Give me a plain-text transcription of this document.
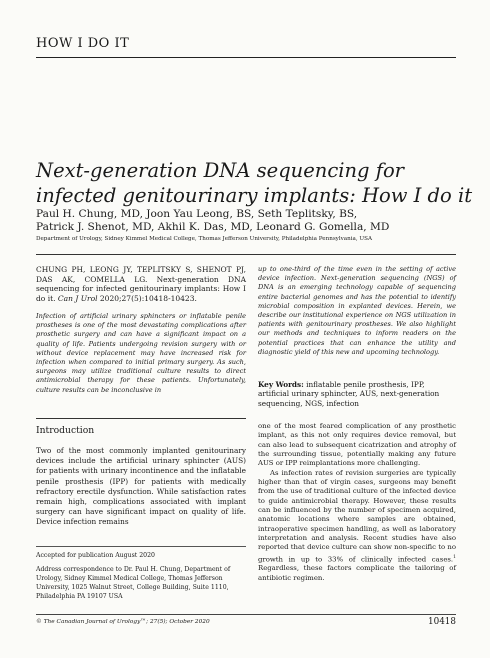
HOW I DO IT
Next-generation DNA sequencing for infected genitourinary implants: How I do it
Paul H. Chung, MD, Joon Yau Leong, BS, Seth Teplitsky, BS,
Patrick J. Shenot, MD, Akhil K. Das, MD, Leonard G. Gomella, MD
Department of Urology, Sidney Kimmel Medical College, Thomas Jefferson University, Philadelphia Pennsylvania, USA
CHUNG PH, LEONG JY, TEPLITSKY S, SHENOT PJ, DAS AK, COMELLA LG. Next-generation DNA sequencing for infected genitourinary implants: How I do it. Can J Urol 2020;27(5):10418-10423.
Infection of artificial urinary sphincters or inflatable penile prostheses is one of the most devastating complications after prosthetic surgery and can have a significant impact on a quality of life. Patients undergoing revision surgery with or without device replacement may have increased risk for infection when compared to initial primary surgery. As such, surgeons may utilize traditional culture results to direct antimicrobial therapy for these patients. Unfortunately, culture results can be inconclusive in
up to one-third of the time even in the setting of active device infection. Next-generation sequencing (NGS) of DNA is an emerging technology capable of sequencing entire bacterial genomes and has the potential to identify microbial composition in explanted devices. Herein, we describe our institutional experience on NGS utilization in patients with genitourinary prostheses. We also highlight our methods and techniques to inform readers on the potential practices that can enhance the utility and diagnostic yield of this new and upcoming technology.
Key Words: inflatable penile prosthesis, IPP, artificial urinary sphincter, AUS, next-generation sequencing, NGS, infection
Introduction
Two of the most commonly implanted genitourinary devices include the artificial urinary sphincter (AUS) for patients with urinary incontinence and the inflatable penile prosthesis (IPP) for patients with medically refractory erectile dysfunction. While satisfaction rates remain high, complications associated with implant surgery can have significant impact on quality of life. Device infection remains

one of the most feared complication of any prosthetic implant, as this not only requires device removal, but can also lead to subsequent cicatrization and atrophy of the surrounding tissue, potentially making any future AUS or IPP reimplantations more challenging.

As infection rates of revision surgeries are typically higher than that of virgin cases, surgeons may benefit from the use of traditional culture of the infected device to guide antimicrobial therapy. However, these results can be influenced by the number of specimen acquired, anatomic locations where samples are obtained, intraoperative specimen handling, as well as laboratory interpretation and analysis. Recent studies have also reported that device culture can show non-specific to no growth in up to 33% of clinically infected cases.$^1$ Regardless, these factors complicate the tailoring of antibiotic regimen.

Accepted for publication August 2020
Address correspondence to Dr. Paul H. Chung, Department of Urology, Sidney Kimmel Medical College, Thomas Jefferson University, 1025 Walnut Street, College Building, Suite 1110, Philadelphia PA 19107 USA
© The Canadian Journal of Urology™; 27(5); October 2020	10418
